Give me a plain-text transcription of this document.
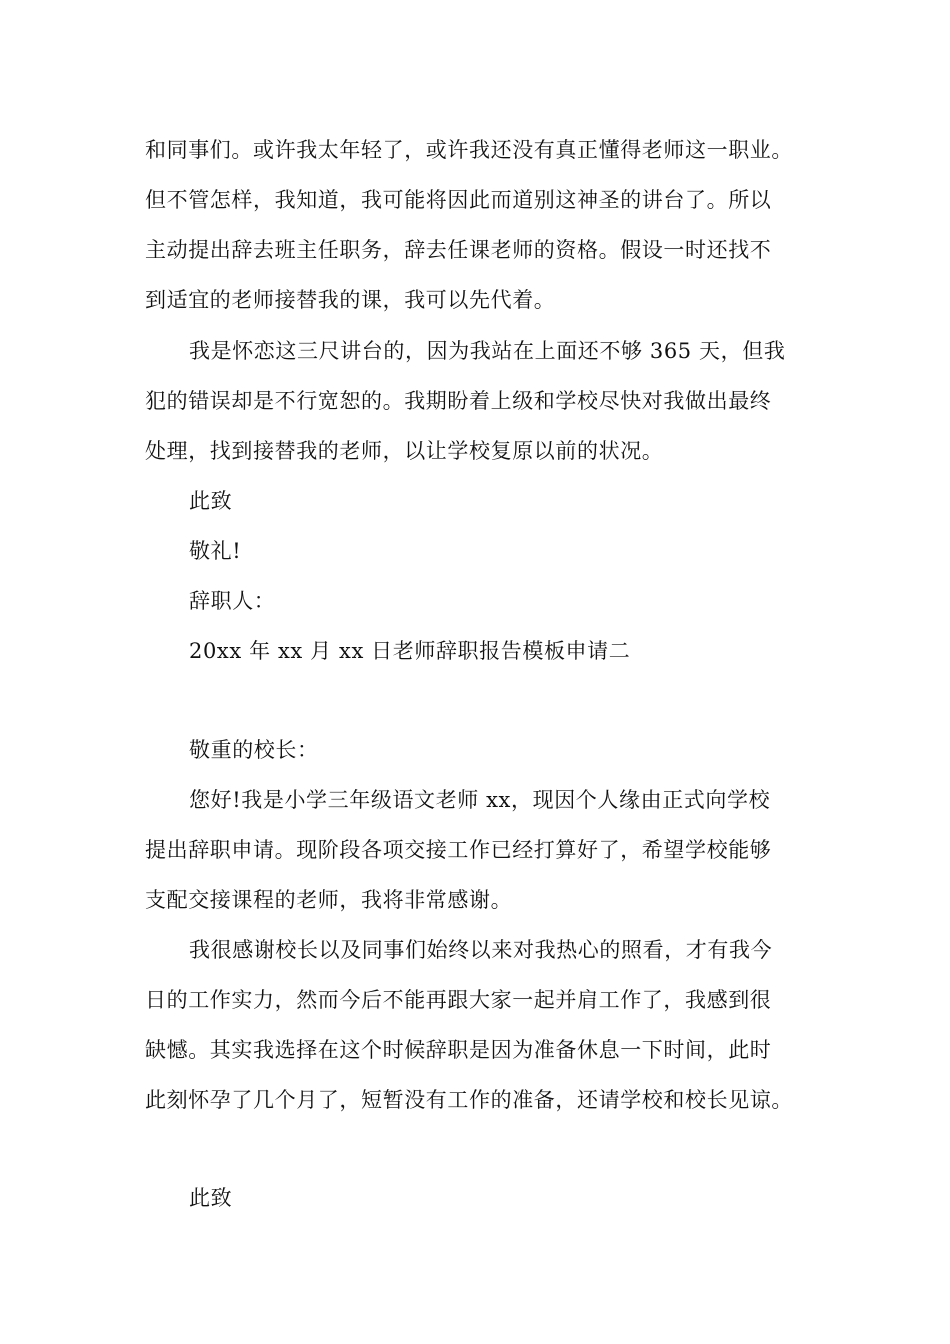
和同事们。或许我太年轻了，或许我还没有真正懂得老师这一职业。
但不管怎样，我知道，我可能将因此而道别这神圣的讲台了。所以
主动提出辞去班主任职务，辞去任课老师的资格。假设一时还找不
到适宜的老师接替我的课，我可以先代着。
我是怀恋这三尺讲台的，因为我站在上面还不够 365 天，但我
犯的错误却是不行宽恕的。我期盼着上级和学校尽快对我做出最终
处理，找到接替我的老师，以让学校复原以前的状况。
此致
敬礼!
辞职人：
20xx 年 xx 月 xx 日老师辞职报告模板申请二
敬重的校长：
您好!我是小学三年级语文老师 xx，现因个人缘由正式向学校
提出辞职申请。现阶段各项交接工作已经打算好了，希望学校能够
支配交接课程的老师，我将非常感谢。
我很感谢校长以及同事们始终以来对我热心的照看，才有我今
日的工作实力，然而今后不能再跟大家一起并肩工作了，我感到很
缺憾。其实我选择在这个时候辞职是因为准备休息一下时间，此时
此刻怀孕了几个月了，短暂没有工作的准备，还请学校和校长见谅。
此致
